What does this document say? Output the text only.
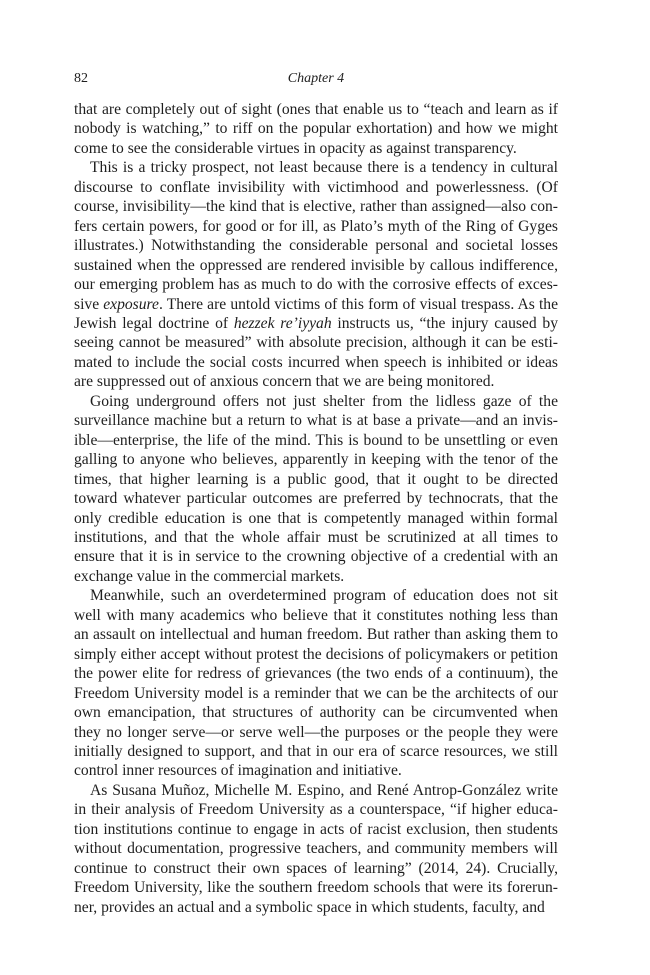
82	Chapter 4

that are completely out of sight (ones that enable us to “teach and learn as if nobody is watching,” to riff on the popular exhortation) and how we might come to see the considerable virtues in opacity as against transparency.

This is a tricky prospect, not least because there is a tendency in cultural discourse to conflate invisibility with victimhood and powerlessness. (Of course, invisibility—the kind that is elective, rather than assigned—also confers certain powers, for good or for ill, as Plato’s myth of the Ring of Gyges illustrates.) Notwithstanding the considerable personal and societal losses sustained when the oppressed are rendered invisible by callous indifference, our emerging problem has as much to do with the corrosive effects of excessive exposure. There are untold victims of this form of visual trespass. As the Jewish legal doctrine of hezzek re’iyyah instructs us, “the injury caused by seeing cannot be measured” with absolute precision, although it can be estimated to include the social costs incurred when speech is inhibited or ideas are suppressed out of anxious concern that we are being monitored.

Going underground offers not just shelter from the lidless gaze of the surveillance machine but a return to what is at base a private—and an invisible—enterprise, the life of the mind. This is bound to be unsettling or even galling to anyone who believes, apparently in keeping with the tenor of the times, that higher learning is a public good, that it ought to be directed toward whatever particular outcomes are preferred by technocrats, that the only credible education is one that is competently managed within formal institutions, and that the whole affair must be scrutinized at all times to ensure that it is in service to the crowning objective of a credential with an exchange value in the commercial markets.

Meanwhile, such an overdetermined program of education does not sit well with many academics who believe that it constitutes nothing less than an assault on intellectual and human freedom. But rather than asking them to simply either accept without protest the decisions of policymakers or petition the power elite for redress of grievances (the two ends of a continuum), the Freedom University model is a reminder that we can be the architects of our own emancipation, that structures of authority can be circumvented when they no longer serve—or serve well—the purposes or the people they were initially designed to support, and that in our era of scarce resources, we still control inner resources of imagination and initiative.

As Susana Muñoz, Michelle M. Espino, and René Antrop-González write in their analysis of Freedom University as a counterspace, “if higher education institutions continue to engage in acts of racist exclusion, then students without documentation, progressive teachers, and community members will continue to construct their own spaces of learning” (2014, 24). Crucially, Freedom University, like the southern freedom schools that were its forerunner, provides an actual and a symbolic space in which students, faculty, and
